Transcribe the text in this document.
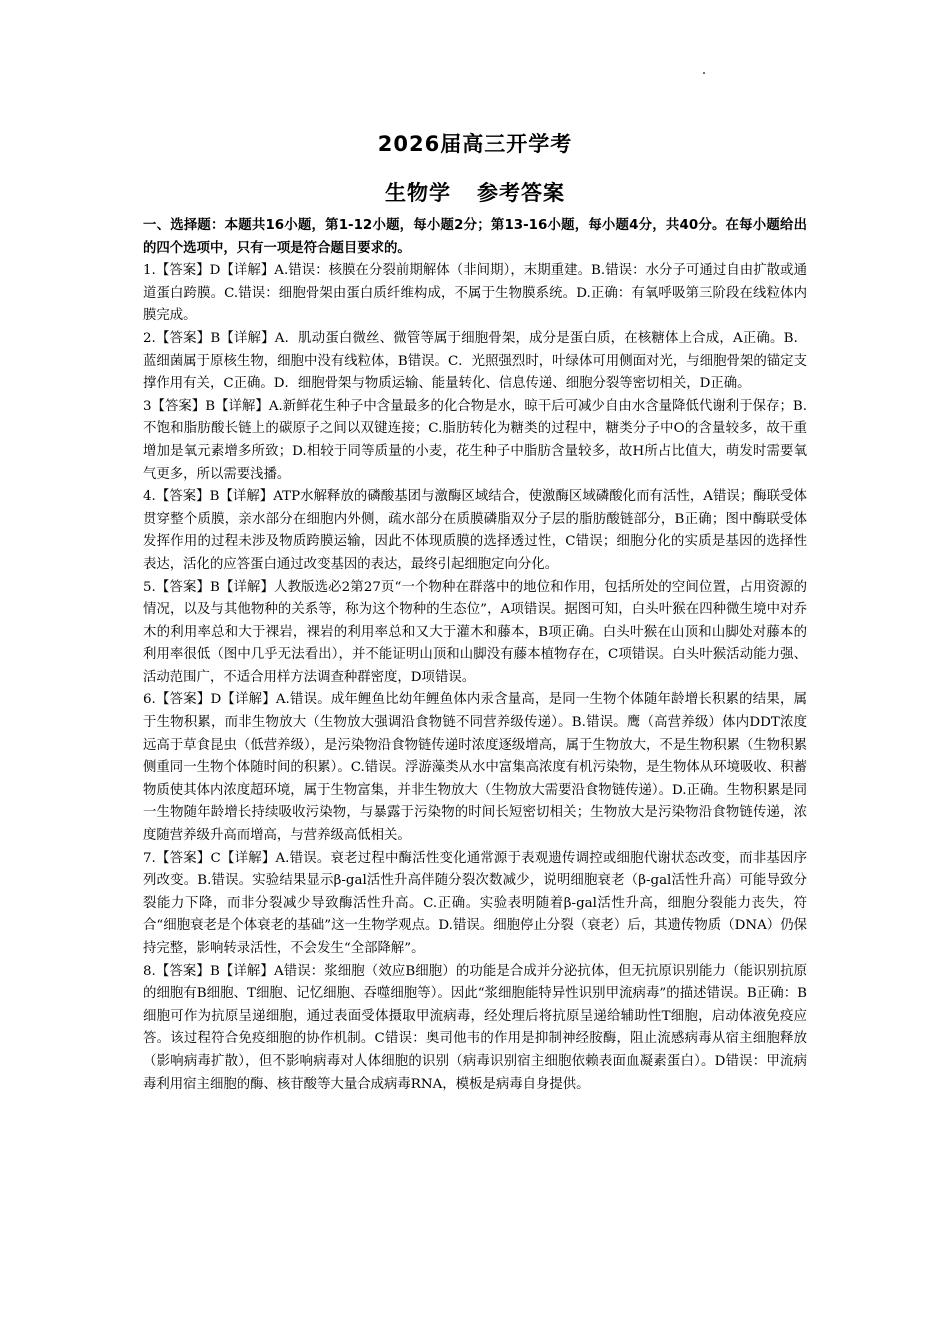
2026届高三开学考
生物学 参考答案

一、选择题：本题共16小题，第1-12小题，每小题2分；第13-16小题，每小题4分，共40分。在每小题给出的四个选项中，只有一项是符合题目要求的。

1.【答案】D【详解】A.错误：核膜在分裂前期解体（非间期），末期重建。B.错误：水分子可通过自由扩散或通道蛋白跨膜。C.错误：细胞骨架由蛋白质纤维构成，不属于生物膜系统。D.正确：有氧呼吸第三阶段在线粒体内膜完成。

2.【答案】B【详解】A．肌动蛋白微丝、微管等属于细胞骨架，成分是蛋白质，在核糖体上合成，A正确。B．蓝细菌属于原核生物，细胞中没有线粒体，B错误。C．光照强烈时，叶绿体可用侧面对光，与细胞骨架的锚定支撑作用有关，C正确。D．细胞骨架与物质运输、能量转化、信息传递、细胞分裂等密切相关，D正确。

3【答案】B【详解】A.新鲜花生种子中含量最多的化合物是水，晾干后可减少自由水含量降低代谢利于保存；B.不饱和脂肪酸长链上的碳原子之间以双键连接；C.脂肪转化为糖类的过程中，糖类分子中O的含量较多，故干重增加是氧元素增多所致；D.相较于同等质量的小麦，花生种子中脂肪含量较多，故H所占比值大，萌发时需要氧气更多，所以需要浅播。

4.【答案】B【详解】ATP水解释放的磷酸基团与激酶区域结合，使激酶区域磷酸化而有活性，A错误；酶联受体贯穿整个质膜，亲水部分在细胞内外侧，疏水部分在质膜磷脂双分子层的脂肪酸链部分，B正确；图中酶联受体发挥作用的过程未涉及物质跨膜运输，因此不体现质膜的选择透过性，C错误；细胞分化的实质是基因的选择性表达，活化的应答蛋白通过改变基因的表达，最终引起细胞定向分化。

5.【答案】B【详解】人教版选必2第27页“一个物种在群落中的地位和作用，包括所处的空间位置，占用资源的情况，以及与其他物种的关系等，称为这个物种的生态位”，A项错误。据图可知，白头叶猴在四种微生境中对乔木的利用率总和大于裸岩，裸岩的利用率总和又大于灌木和藤本，B项正确。白头叶猴在山顶和山脚处对藤本的利用率很低（图中几乎无法看出），并不能证明山顶和山脚没有藤本植物存在，C项错误。白头叶猴活动能力强、活动范围广，不适合用样方法调查种群密度，D项错误。

6.【答案】D【详解】A.错误。成年鲤鱼比幼年鲤鱼体内汞含量高，是同一生物个体随年龄增长积累的结果，属于生物积累，而非生物放大（生物放大强调沿食物链不同营养级传递）。B.错误。鹰（高营养级）体内DDT浓度远高于草食昆虫（低营养级），是污染物沿食物链传递时浓度逐级增高，属于生物放大，不是生物积累（生物积累侧重同一生物个体随时间的积累）。C.错误。浮游藻类从水中富集高浓度有机污染物，是生物体从环境吸收、积蓄物质使其体内浓度超环境，属于生物富集，并非生物放大（生物放大需要沿食物链传递）。D.正确。生物积累是同一生物随年龄增长持续吸收污染物，与暴露于污染物的时间长短密切相关；生物放大是污染物沿食物链传递，浓度随营养级升高而增高，与营养级高低相关。

7.【答案】C【详解】A.错误。衰老过程中酶活性变化通常源于表观遗传调控或细胞代谢状态改变，而非基因序列改变。B.错误。实验结果显示β-gal活性升高伴随分裂次数减少，说明细胞衰老（β-gal活性升高）可能导致分裂能力下降，而非分裂减少导致酶活性升高。C.正确。实验表明随着β-gal活性升高，细胞分裂能力丧失，符合“细胞衰老是个体衰老的基础”这一生物学观点。D.错误。细胞停止分裂（衰老）后，其遗传物质（DNA）仍保持完整，影响转录活性，不会发生“全部降解”。

8.【答案】B【详解】A错误：浆细胞（效应B细胞）的功能是合成并分泌抗体，但无抗原识别能力（能识别抗原的细胞有B细胞、T细胞、记忆细胞、吞噬细胞等）。因此“浆细胞能特异性识别甲流病毒”的描述错误。B正确：B细胞可作为抗原呈递细胞，通过表面受体摄取甲流病毒，经处理后将抗原呈递给辅助性T细胞，启动体液免疫应答。该过程符合免疫细胞的协作机制。C错误：奥司他韦的作用是抑制神经胺酶，阻止流感病毒从宿主细胞释放（影响病毒扩散），但不影响病毒对人体细胞的识别（病毒识别宿主细胞依赖表面血凝素蛋白）。D错误：甲流病毒利用宿主细胞的酶、核苷酸等大量合成病毒RNA，模板是病毒自身提供。
